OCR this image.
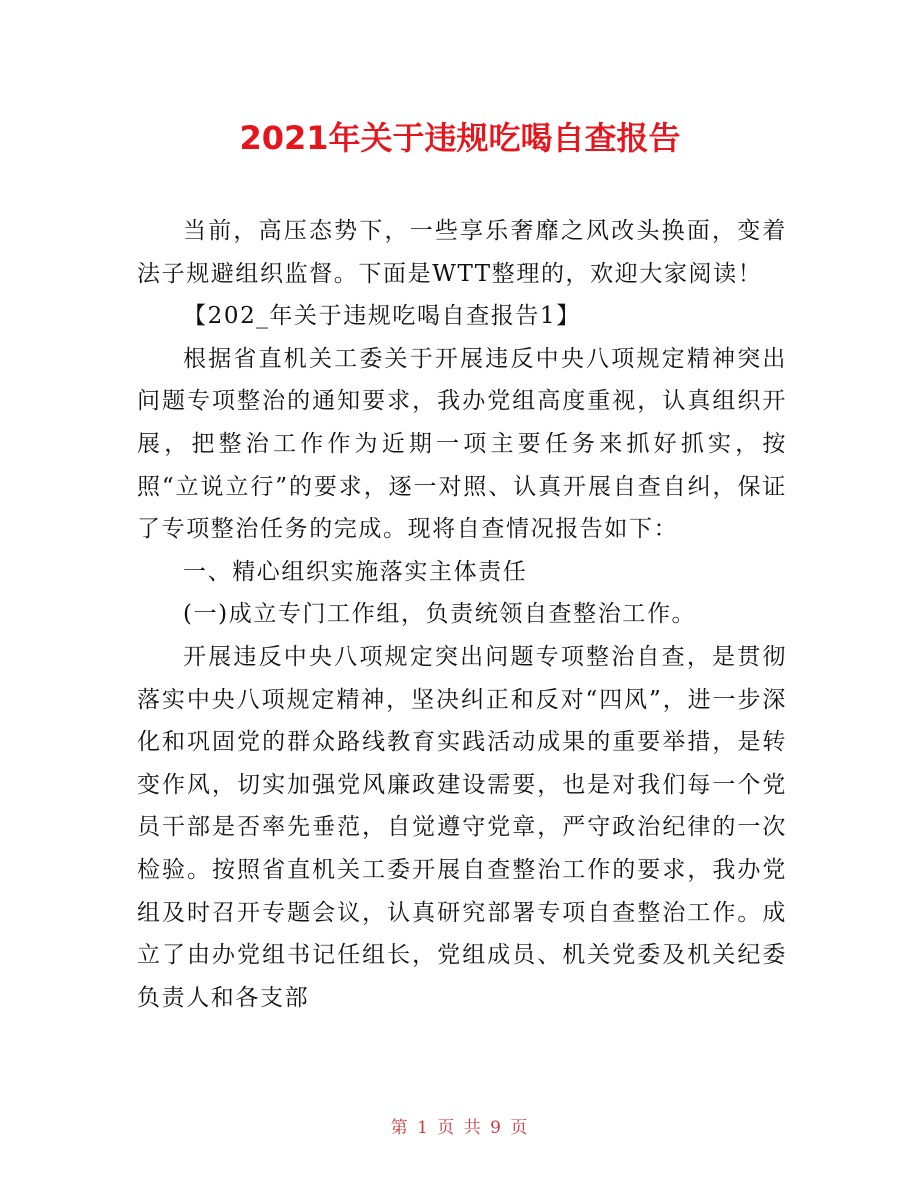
2021年关于违规吃喝自查报告

当前，高压态势下，一些享乐奢靡之风改头换面，变着法子规避组织监督。下面是WTT整理的，欢迎大家阅读！

【202_年关于违规吃喝自查报告1】

根据省直机关工委关于开展违反中央八项规定精神突出问题专项整治的通知要求，我办党组高度重视，认真组织开展，把整治工作作为近期一项主要任务来抓好抓实，按照“立说立行”的要求，逐一对照、认真开展自查自纠，保证了专项整治任务的完成。现将自查情况报告如下：

一、精心组织实施落实主体责任

(一)成立专门工作组，负责统领自查整治工作。

开展违反中央八项规定突出问题专项整治自查，是贯彻落实中央八项规定精神，坚决纠正和反对“四风”，进一步深化和巩固党的群众路线教育实践活动成果的重要举措，是转变作风，切实加强党风廉政建设需要，也是对我们每一个党员干部是否率先垂范，自觉遵守党章，严守政治纪律的一次检验。按照省直机关工委开展自查整治工作的要求，我办党组及时召开专题会议，认真研究部署专项自查整治工作。成立了由办党组书记任组长，党组成员、机关党委及机关纪委负责人和各支部

第 1 页 共 9 页
